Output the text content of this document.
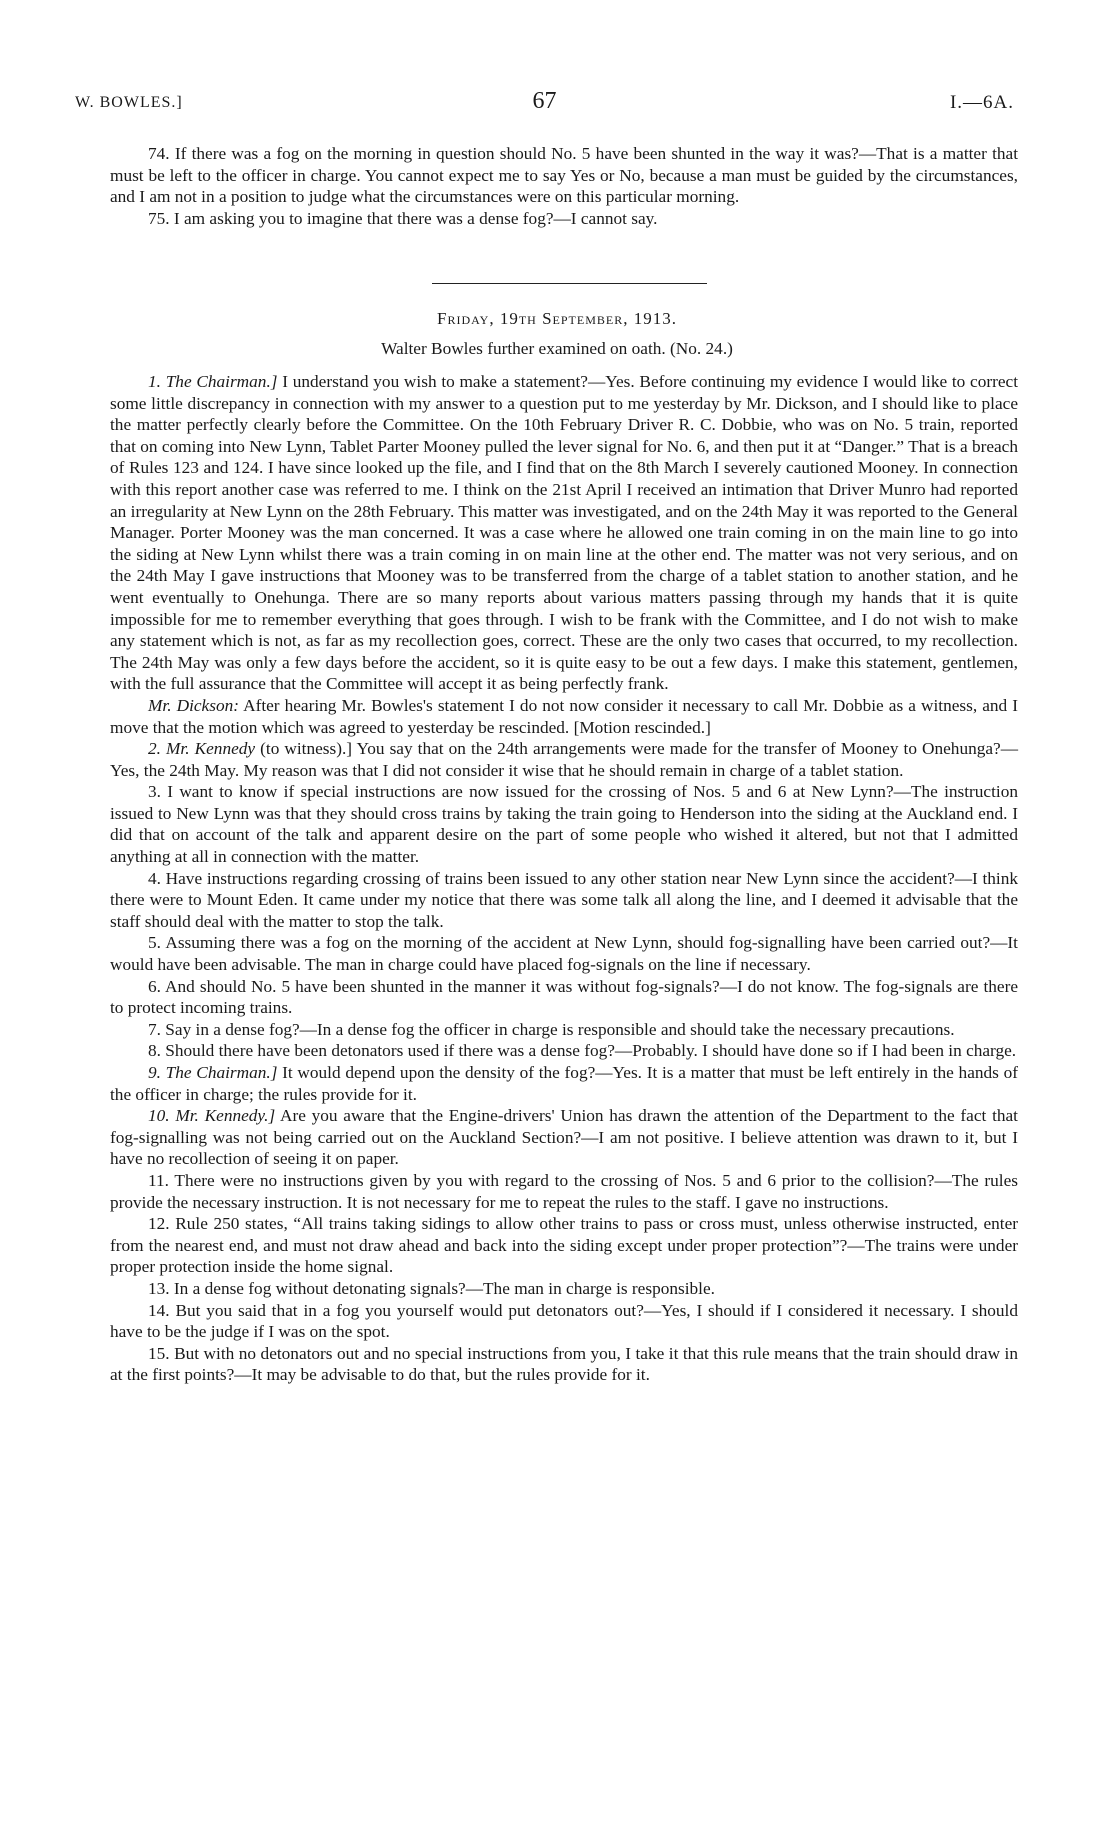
W. BOWLES.]	67	I.—6A.

74. If there was a fog on the morning in question should No. 5 have been shunted in the way it was?—That is a matter that must be left to the officer in charge. You cannot expect me to say Yes or No, because a man must be guided by the circumstances, and I am not in a position to judge what the circumstances were on this particular morning.

75. I am asking you to imagine that there was a dense fog?—I cannot say.

Friday, 19th September, 1913.
Walter Bowles further examined on oath. (No. 24.)

1. The Chairman.] I understand you wish to make a statement?—Yes. Before continuing my evidence I would like to correct some little discrepancy in connection with my answer to a question put to me yesterday by Mr. Dickson, and I should like to place the matter perfectly clearly before the Committee. On the 10th February Driver R. C. Dobbie, who was on No. 5 train, reported that on coming into New Lynn, Tablet Parter Mooney pulled the lever signal for No. 6, and then put it at “Danger.” That is a breach of Rules 123 and 124. I have since looked up the file, and I find that on the 8th March I severely cautioned Mooney. In connection with this report another case was referred to me. I think on the 21st April I received an intimation that Driver Munro had reported an irregularity at New Lynn on the 28th February. This matter was investigated, and on the 24th May it was reported to the General Manager. Porter Mooney was the man concerned. It was a case where he allowed one train coming in on the main line to go into the siding at New Lynn whilst there was a train coming in on main line at the other end. The matter was not very serious, and on the 24th May I gave instructions that Mooney was to be transferred from the charge of a tablet station to another station, and he went eventually to Onehunga. There are so many reports about various matters passing through my hands that it is quite impossible for me to remember everything that goes through. I wish to be frank with the Committee, and I do not wish to make any statement which is not, as far as my recollection goes, correct. These are the only two cases that occurred, to my recollection. The 24th May was only a few days before the accident, so it is quite easy to be out a few days. I make this statement, gentlemen, with the full assurance that the Committee will accept it as being perfectly frank.

Mr. Dickson: After hearing Mr. Bowles's statement I do not now consider it necessary to call Mr. Dobbie as a witness, and I move that the motion which was agreed to yesterday be rescinded. [Motion rescinded.]

2. Mr. Kennedy (to witness).] You say that on the 24th arrangements were made for the transfer of Mooney to Onehunga?—Yes, the 24th May. My reason was that I did not consider it wise that he should remain in charge of a tablet station.

3. I want to know if special instructions are now issued for the crossing of Nos. 5 and 6 at New Lynn?—The instruction issued to New Lynn was that they should cross trains by taking the train going to Henderson into the siding at the Auckland end. I did that on account of the talk and apparent desire on the part of some people who wished it altered, but not that I admitted anything at all in connection with the matter.

4. Have instructions regarding crossing of trains been issued to any other station near New Lynn since the accident?—I think there were to Mount Eden. It came under my notice that there was some talk all along the line, and I deemed it advisable that the staff should deal with the matter to stop the talk.

5. Assuming there was a fog on the morning of the accident at New Lynn, should fog-signalling have been carried out?—It would have been advisable. The man in charge could have placed fog-signals on the line if necessary.

6. And should No. 5 have been shunted in the manner it was without fog-signals?—I do not know. The fog-signals are there to protect incoming trains.

7. Say in a dense fog?—In a dense fog the officer in charge is responsible and should take the necessary precautions.

8. Should there have been detonators used if there was a dense fog?—Probably. I should have done so if I had been in charge.

9. The Chairman.] It would depend upon the density of the fog?—Yes. It is a matter that must be left entirely in the hands of the officer in charge; the rules provide for it.

10. Mr. Kennedy.] Are you aware that the Engine-drivers' Union has drawn the attention of the Department to the fact that fog-signalling was not being carried out on the Auckland Section?—I am not positive. I believe attention was drawn to it, but I have no recollection of seeing it on paper.

11. There were no instructions given by you with regard to the crossing of Nos. 5 and 6 prior to the collision?—The rules provide the necessary instruction. It is not necessary for me to repeat the rules to the staff. I gave no instructions.

12. Rule 250 states, “All trains taking sidings to allow other trains to pass or cross must, unless otherwise instructed, enter from the nearest end, and must not draw ahead and back into the siding except under proper protection”?—The trains were under proper protection inside the home signal.

13. In a dense fog without detonating signals?—The man in charge is responsible.

14. But you said that in a fog you yourself would put detonators out?—Yes, I should if I considered it necessary. I should have to be the judge if I was on the spot.

15. But with no detonators out and no special instructions from you, I take it that this rule means that the train should draw in at the first points?—It may be advisable to do that, but the rules provide for it.
